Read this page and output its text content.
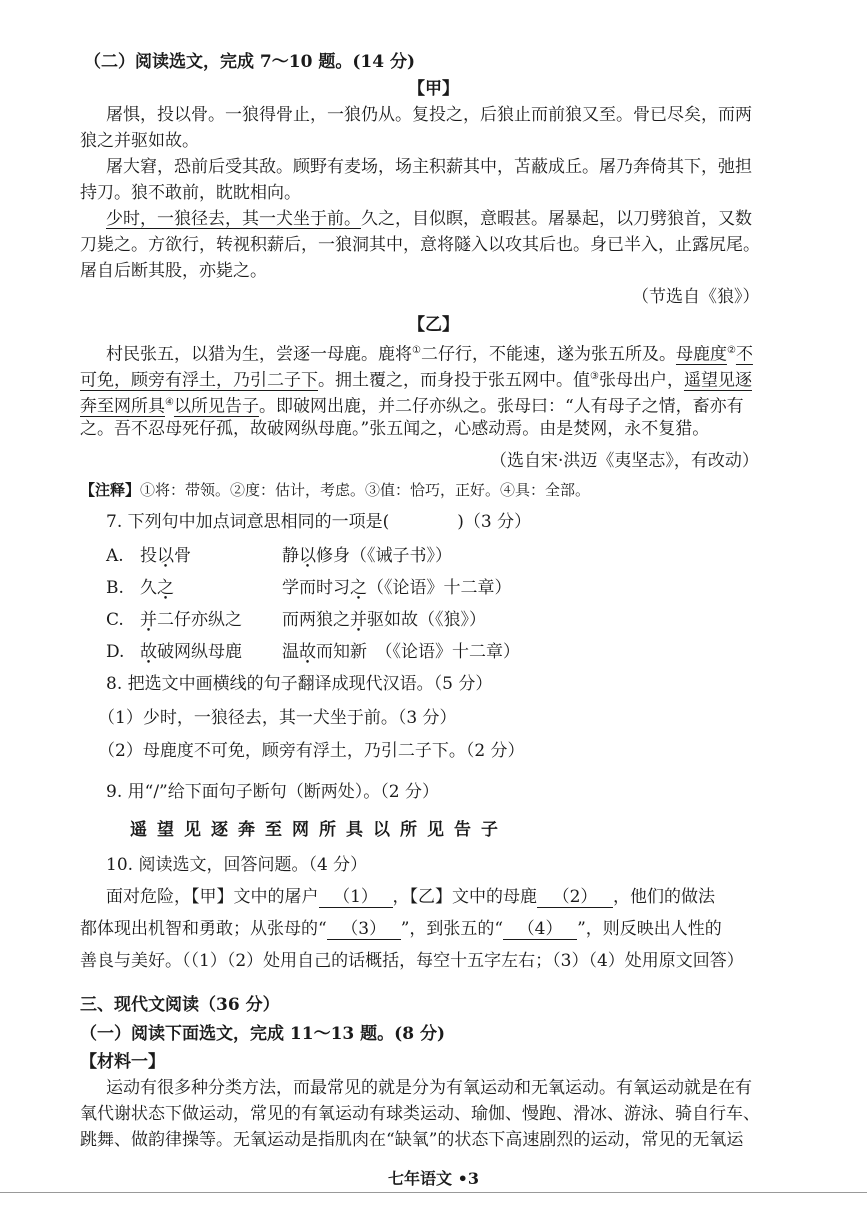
（二）阅读选文，完成 7～10 题。(14 分)
【甲】
屠惧，投以骨。一狼得骨止，一狼仍从。复投之，后狼止而前狼又至。骨已尽矣，而两
狼之并驱如故。
屠大窘，恐前后受其敌。顾野有麦场，场主积薪其中，苫蔽成丘。屠乃奔倚其下，弛担
持刀。狼不敢前，眈眈相向。
少时，一狼径去，其一犬坐于前。久之，目似瞑，意暇甚。屠暴起，以刀劈狼首，又数
刀毙之。方欲行，转视积薪后，一狼洞其中，意将隧入以攻其后也。身已半入，止露尻尾。
屠自后断其股，亦毙之。
（节选自《狼》）
【乙】
村民张五，以猎为生，尝逐一母鹿。鹿将①二仔行，不能速，遂为张五所及。母鹿度②不
可免，顾旁有浮土，乃引二子下。拥土覆之，而身投于张五网中。值③张母出户，遥望见逐
奔至网所具④以所见告子。即破网出鹿，并二仔亦纵之。张母曰：“人有母子之情，畜亦有
之。吾不忍母死仔孤，故破网纵母鹿。”张五闻之，心感动焉。由是焚网，永不复猎。
（选自宋·洪迈《夷坚志》，有改动）
【注释】①将：带领。②度：估计，考虑。③值：恰巧，正好。④具：全部。
7. 下列句中加点词意思相同的一项是(　　　　)（3 分）
A. 投以骨	静以修身（《诫子书》）
B. 久之	学而时习之（《论语》十二章）
C. 并二仔亦纵之 而两狼之并驱如故（《狼》）
D. 故破网纵母鹿 温故而知新　（《论语》十二章）
8. 把选文中画横线的句子翻译成现代汉语。（5 分）
（1）少时，一狼径去，其一犬坐于前。（3 分）
（2）母鹿度不可免，顾旁有浮土，乃引二子下。（2 分）
9. 用“/”给下面句子断句（断两处）。（2 分）
遥望见逐奔至网所具以所见告子
10. 阅读选文，回答问题。（4 分）
面对危险，【甲】文中的屠户 （1） ，【乙】文中的母鹿 （2） ，他们的做法
都体现出机智和勇敢；从张母的“ （3） ”，到张五的“ （4） ”，则反映出人性的
善良与美好。（（1）（2）处用自己的话概括，每空十五字左右；（3）（4）处用原文回答）
三、现代文阅读（36 分）
（一）阅读下面选文，完成 11～13 题。(8 分)
【材料一】
运动有很多种分类方法，而最常见的就是分为有氧运动和无氧运动。有氧运动就是在有
氧代谢状态下做运动，常见的有氧运动有球类运动、瑜伽、慢跑、滑冰、游泳、骑自行车、
跳舞、做韵律操等。无氧运动是指肌肉在“缺氧”的状态下高速剧烈的运动，常见的无氧运
七年语文 •3
